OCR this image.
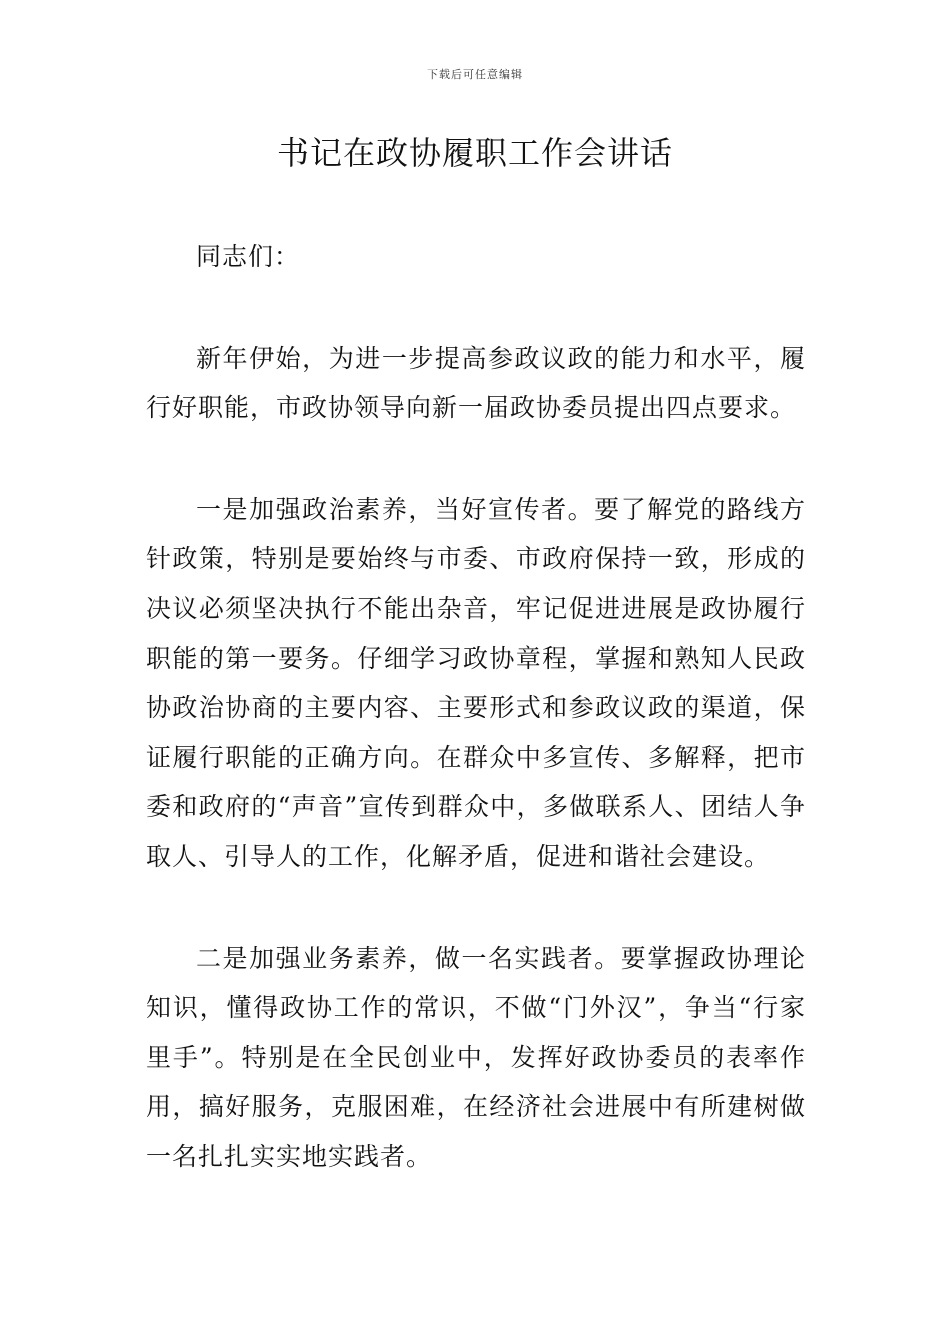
下载后可任意编辑
书记在政协履职工作会讲话

同志们：

新年伊始，为进一步提高参政议政的能力和水平，履行好职能，市政协领导向新一届政协委员提出四点要求。

一是加强政治素养，当好宣传者。要了解党的路线方针政策，特别是要始终与市委、市政府保持一致，形成的决议必须坚决执行不能出杂音，牢记促进进展是政协履行职能的第一要务。仔细学习政协章程，掌握和熟知人民政协政治协商的主要内容、主要形式和参政议政的渠道，保证履行职能的正确方向。在群众中多宣传、多解释，把市委和政府的“声音”宣传到群众中，多做联系人、团结人争取人、引导人的工作，化解矛盾，促进和谐社会建设。

二是加强业务素养，做一名实践者。要掌握政协理论知识，懂得政协工作的常识，不做“门外汉”，争当“行家里手”。特别是在全民创业中，发挥好政协委员的表率作用，搞好服务，克服困难，在经济社会进展中有所建树做一名扎扎实实地实践者。
